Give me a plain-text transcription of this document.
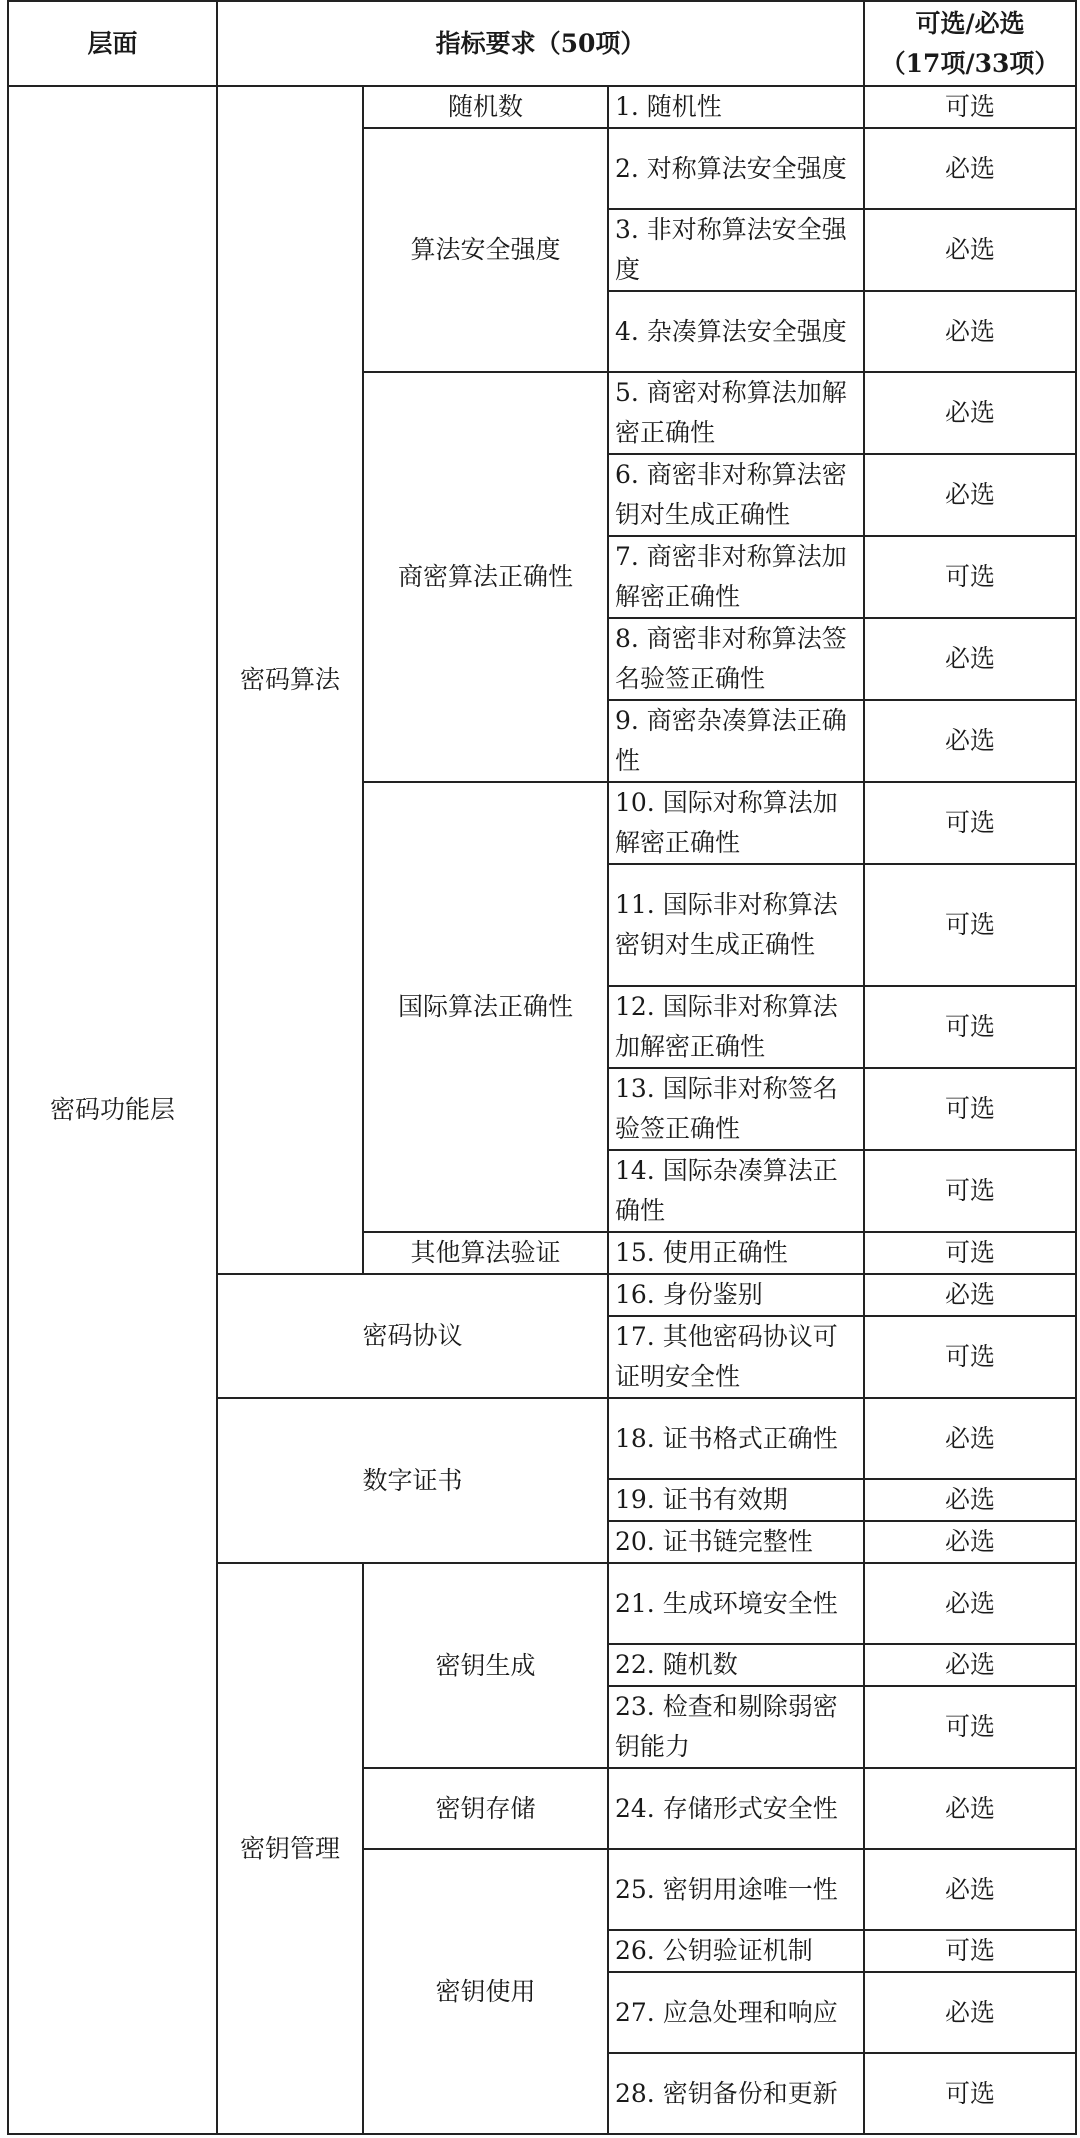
层面	指标要求（50项）			可选/必选
（17项/33项）

密码功能层	密码算法	随机数	1. 随机性	可选
		算法安全强度	2. 对称算法安全强度	必选
			3. 非对称算法安全强度	必选
			4. 杂凑算法安全强度	必选
		商密算法正确性	5. 商密对称算法加解密正确性	必选
			6. 商密非对称算法密钥对生成正确性	必选
			7. 商密非对称算法加解密正确性	可选
			8. 商密非对称算法签名验签正确性	必选
			9. 商密杂凑算法正确性	必选
		国际算法正确性	10. 国际对称算法加解密正确性	可选
			11. 国际非对称算法密钥对生成正确性	可选
			12. 国际非对称算法加解密正确性	可选
			13. 国际非对称签名验签正确性	可选
			14. 国际杂凑算法正确性	可选
		其他算法验证	15. 使用正确性	可选
	密码协议		16. 身份鉴别	必选
			17. 其他密码协议可证明安全性	可选
	数字证书		18. 证书格式正确性	必选
			19. 证书有效期	必选
			20. 证书链完整性	必选
	密钥管理	密钥生成	21. 生成环境安全性	必选
			22. 随机数	必选
			23. 检查和剔除弱密钥能力	可选
		密钥存储	24. 存储形式安全性	必选
		密钥使用	25. 密钥用途唯一性	必选
			26. 公钥验证机制	可选
			27. 应急处理和响应	必选
			28. 密钥备份和更新	可选
